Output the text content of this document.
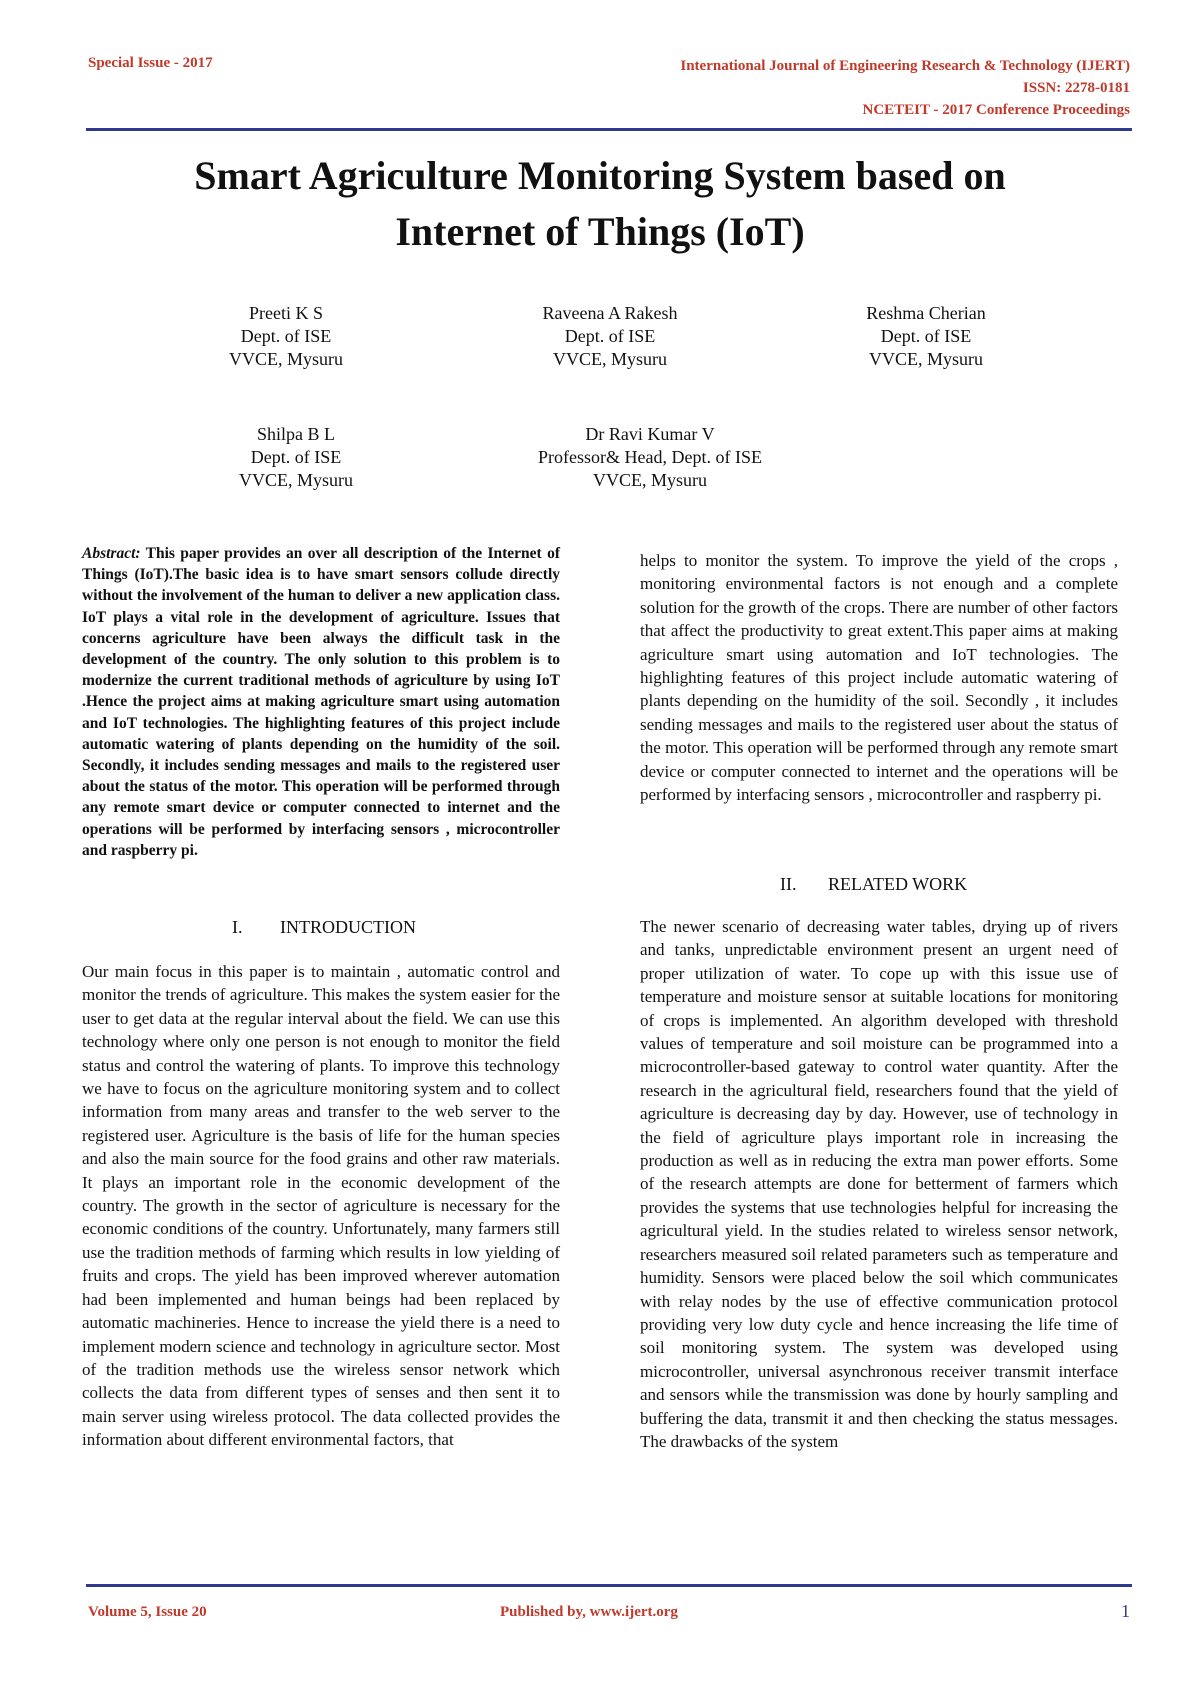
Special Issue - 2017	International Journal of Engineering Research & Technology (IJERT)
ISSN: 2278-0181
NCETEIT - 2017 Conference Proceedings
Smart Agriculture Monitoring System based on
Internet of Things (IoT)
Preeti K S
Dept. of ISE
VVCE, Mysuru
Raveena A Rakesh
Dept. of ISE
VVCE, Mysuru
Reshma Cherian
Dept. of ISE
VVCE, Mysuru
Shilpa B L
Dept. of ISE
VVCE, Mysuru
Dr Ravi Kumar V
Professor& Head, Dept. of ISE
VVCE, Mysuru
Abstract: This paper provides an over all description of the Internet of Things (IoT).The basic idea is to have smart sensors collude directly without the involvement of the human to deliver a new application class. IoT plays a vital role in the development of agriculture. Issues that concerns agriculture have been always the difficult task in the development of the country. The only solution to this problem is to modernize the current traditional methods of agriculture by using IoT .Hence the project aims at making agriculture smart using automation and IoT technologies. The highlighting features of this project include automatic watering of plants depending on the humidity of the soil. Secondly, it includes sending messages and mails to the registered user about the status of the motor. This operation will be performed through any remote smart device or computer connected to internet and the operations will be performed by interfacing sensors , microcontroller and raspberry pi.
I. INTRODUCTION
Our main focus in this paper is to maintain , automatic control and monitor the trends of agriculture. This makes the system easier for the user to get data at the regular interval about the field. We can use this technology where only one person is not enough to monitor the field status and control the watering of plants. To improve this technology we have to focus on the agriculture monitoring system and to collect information from many areas and transfer to the web server to the registered user. Agriculture is the basis of life for the human species and also the main source for the food grains and other raw materials. It plays an important role in the economic development of the country. The growth in the sector of agriculture is necessary for the economic conditions of the country. Unfortunately, many farmers still use the tradition methods of farming which results in low yielding of fruits and crops. The yield has been improved wherever automation had been implemented and human beings had been replaced by automatic machineries. Hence to increase the yield there is a need to implement modern science and technology in agriculture sector. Most of the tradition methods use the wireless sensor network which collects the data from different types of senses and then sent it to main server using wireless protocol. The data collected provides the information about different environmental factors, that
helps to monitor the system. To improve the yield of the crops , monitoring environmental factors is not enough and a complete solution for the growth of the crops. There are number of other factors that affect the productivity to great extent.This paper aims at making agriculture smart using automation and IoT technologies. The highlighting features of this project include automatic watering of plants depending on the humidity of the soil. Secondly , it includes sending messages and mails to the registered user about the status of the motor. This operation will be performed through any remote smart device or computer connected to internet and the operations will be performed by interfacing sensors , microcontroller and raspberry pi.
II. RELATED WORK
The newer scenario of decreasing water tables, drying up of rivers and tanks, unpredictable environment present an urgent need of proper utilization of water. To cope up with this issue use of temperature and moisture sensor at suitable locations for monitoring of crops is implemented. An algorithm developed with threshold values of temperature and soil moisture can be programmed into a microcontroller-based gateway to control water quantity. After the research in the agricultural field, researchers found that the yield of agriculture is decreasing day by day. However, use of technology in the field of agriculture plays important role in increasing the production as well as in reducing the extra man power efforts. Some of the research attempts are done for betterment of farmers which provides the systems that use technologies helpful for increasing the agricultural yield. In the studies related to wireless sensor network, researchers measured soil related parameters such as temperature and humidity. Sensors were placed below the soil which communicates with relay nodes by the use of effective communication protocol providing very low duty cycle and hence increasing the life time of soil monitoring system. The system was developed using microcontroller, universal asynchronous receiver transmit interface and sensors while the transmission was done by hourly sampling and buffering the data, transmit it and then checking the status messages. The drawbacks of the system
Volume 5, Issue 20	Published by, www.ijert.org	1
